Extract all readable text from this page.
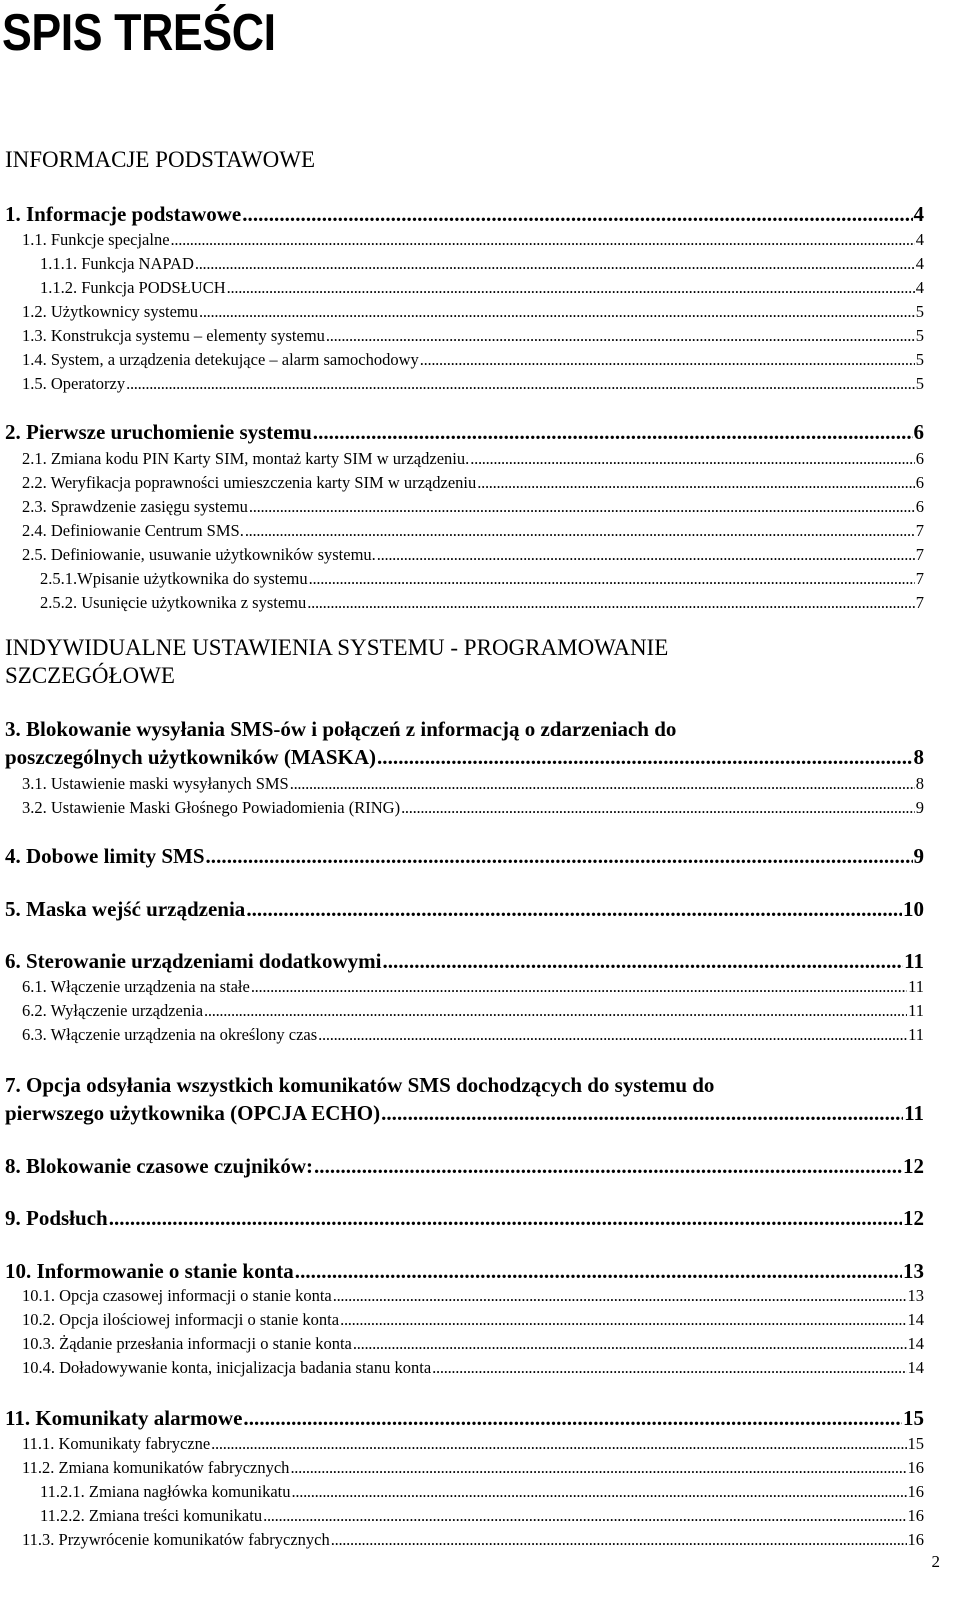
SPIS TREŚCI
INFORMACJE PODSTAWOWE
1. Informacje podstawowe . . .	4
1.1. Funkcje specjalne . . .	4
1.1.1. Funkcja NAPAD . . .	4
1.1.2. Funkcja PODSŁUCH . . .	4
1.2. Użytkownicy systemu . . .	5
1.3. Konstrukcja systemu – elementy systemu . . .	5
1.4. System, a urządzenia detekujące – alarm samochodowy . . .	5
1.5. Operatorzy . . .	5
2. Pierwsze uruchomienie systemu . . .	6
2.1. Zmiana kodu PIN Karty SIM, montaż karty SIM w urządzeniu. . . .	6
2.2. Weryfikacja poprawności umieszczenia karty SIM w urządzeniu . . .	6
2.3. Sprawdzenie zasięgu systemu . . .	6
2.4. Definiowanie Centrum SMS. . . .	7
2.5. Definiowanie, usuwanie użytkowników systemu. . . .	7
2.5.1.Wpisanie użytkownika do systemu . . .	7
2.5.2. Usunięcie użytkownika z systemu . . .	7
INDYWIDUALNE USTAWIENIA SYSTEMU - PROGRAMOWANIE
SZCZEGÓŁOWE
3. Blokowanie wysyłania SMS-ów i połączeń z informacją o zdarzeniach do
poszczególnych użytkowników (MASKA) . . .	8
3.1. Ustawienie maski wysyłanych SMS . . .	8
3.2. Ustawienie Maski Głośnego Powiadomienia (RING) . . .	9
4. Dobowe limity SMS . . .	9
5. Maska wejść urządzenia . . .	10
6. Sterowanie urządzeniami dodatkowymi . . .	11
6.1. Włączenie urządzenia na stałe . . .	11
6.2. Wyłączenie urządzenia . . .	11
6.3. Włączenie urządzenia na określony czas . . .	11
7. Opcja odsyłania wszystkich komunikatów SMS dochodzących do systemu do
pierwszego użytkownika (OPCJA ECHO) . . .	11
8. Blokowanie czasowe czujników: . . .	12
9. Podsłuch . . .	12
10. Informowanie o stanie konta . . .	13
10.1. Opcja czasowej informacji o stanie konta . . .	13
10.2. Opcja ilościowej informacji o stanie konta . . .	14
10.3. Żądanie przesłania informacji o stanie konta . . .	14
10.4. Doładowywanie konta, inicjalizacja badania stanu konta . . .	14
11. Komunikaty alarmowe . . .	15
11.1. Komunikaty fabryczne . . .	15
11.2. Zmiana komunikatów fabrycznych . . .	16
11.2.1. Zmiana nagłówka komunikatu . . .	16
11.2.2. Zmiana treści komunikatu . . .	16
11.3. Przywrócenie komunikatów fabrycznych . . .	16
2
